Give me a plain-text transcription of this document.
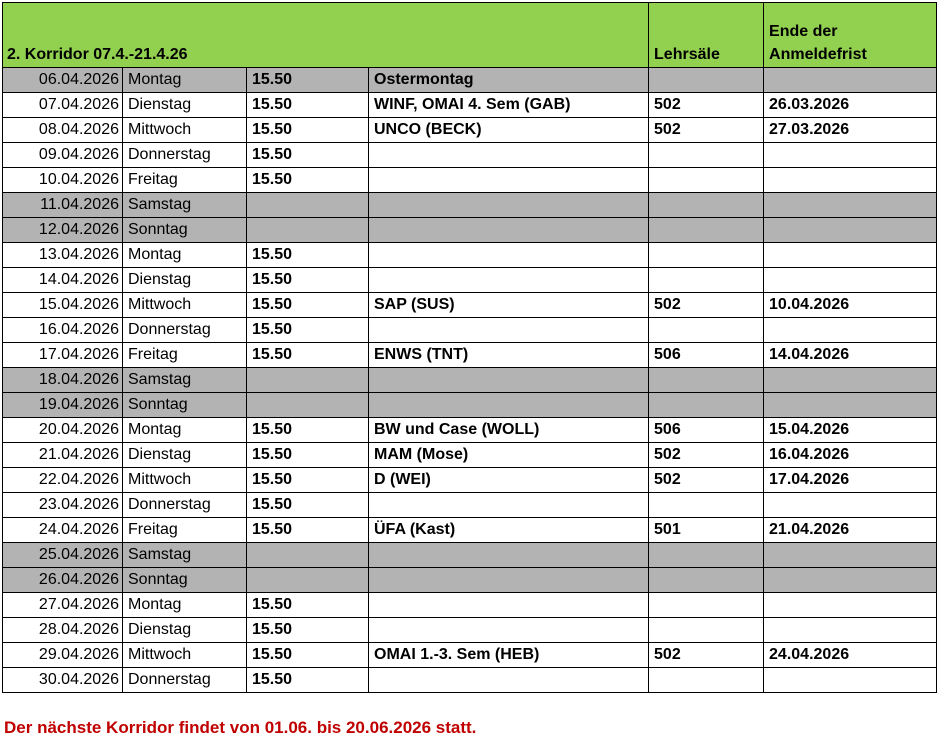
2. Korridor 07.4.-21.4.26				Lehrsäle	Ende der Anmeldefrist
06.04.2026	Montag	15.50	Ostermontag		
07.04.2026	Dienstag	15.50	WINF, OMAI 4. Sem (GAB)	502	26.03.2026
08.04.2026	Mittwoch	15.50	UNCO (BECK)	502	27.03.2026
09.04.2026	Donnerstag	15.50			
10.04.2026	Freitag	15.50			
11.04.2026	Samstag				
12.04.2026	Sonntag				
13.04.2026	Montag	15.50			
14.04.2026	Dienstag	15.50			
15.04.2026	Mittwoch	15.50	SAP (SUS)	502	10.04.2026
16.04.2026	Donnerstag	15.50			
17.04.2026	Freitag	15.50	ENWS (TNT)	506	14.04.2026
18.04.2026	Samstag				
19.04.2026	Sonntag				
20.04.2026	Montag	15.50	BW und Case (WOLL)	506	15.04.2026
21.04.2026	Dienstag	15.50	MAM (Mose)	502	16.04.2026
22.04.2026	Mittwoch	15.50	D (WEI)	502	17.04.2026
23.04.2026	Donnerstag	15.50			
24.04.2026	Freitag	15.50	ÜFA (Kast)	501	21.04.2026
25.04.2026	Samstag				
26.04.2026	Sonntag				
27.04.2026	Montag	15.50			
28.04.2026	Dienstag	15.50			
29.04.2026	Mittwoch	15.50	OMAI 1.-3. Sem (HEB)	502	24.04.2026
30.04.2026	Donnerstag	15.50			
Der nächste Korridor findet von 01.06. bis 20.06.2026 statt.
